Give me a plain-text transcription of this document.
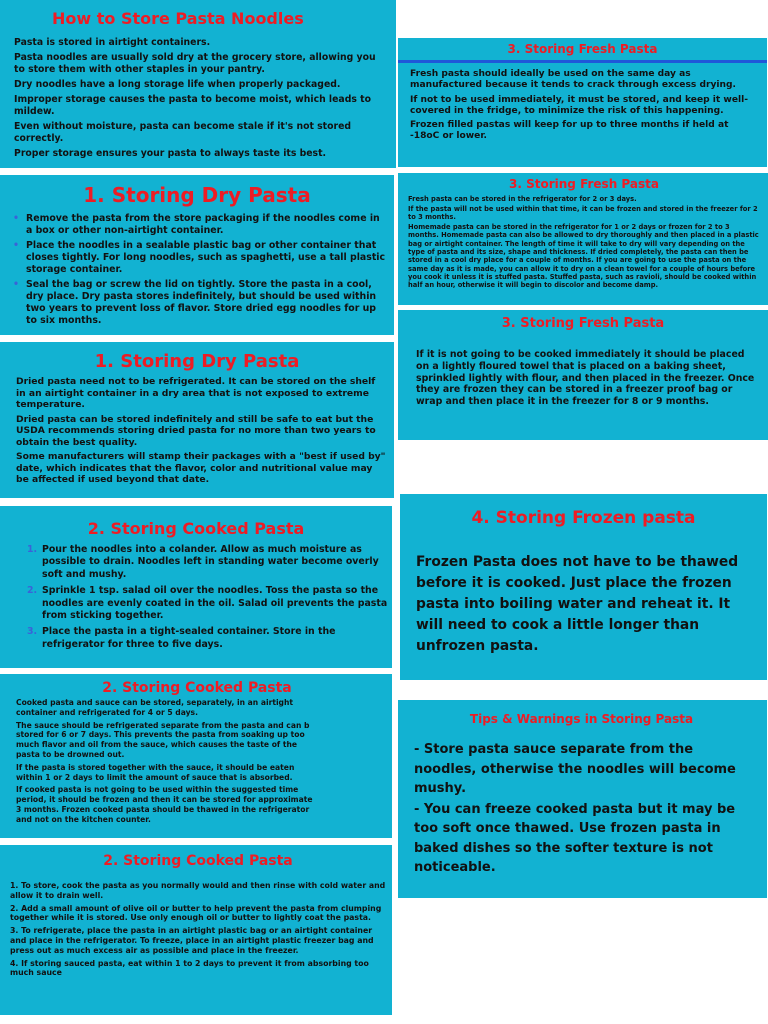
How to Store Pasta Noodles

Pasta is stored in airtight containers.

Pasta noodles are usually sold dry at the grocery store, allowing you to store them with other staples in your pantry.

Dry noodles have a long storage life when properly packaged.

Improper storage causes the pasta to become moist, which leads to mildew.

Even without moisture, pasta can become stale if it's not stored correctly.

Proper storage ensures your pasta to always taste its best.

1. Storing Dry Pasta
• Remove the pasta from the store packaging if the noodles come in a box or other non-airtight container.
• Place the noodles in a sealable plastic bag or other container that closes tightly. For long noodles, such as spaghetti, use a tall plastic storage container.
• Seal the bag or screw the lid on tightly. Store the pasta in a cool, dry place. Dry pasta stores indefinitely, but should be used within two years to prevent loss of flavor. Store dried egg noodles for up to six months.
1. Storing Dry Pasta

Dried pasta need not to be refrigerated. It can be stored on the shelf in an airtight container in a dry area that is not exposed to extreme temperature.

Dried pasta can be stored indefinitely and still be safe to eat but the USDA recommends storing dried pasta for no more than two years to obtain the best quality.

Some manufacturers will stamp their packages with a "best if used by" date, which indicates that the flavor, color and nutritional value may be affected if used beyond that date.

2. Storing Cooked Pasta
1. Pour the noodles into a colander. Allow as much moisture as possible to drain. Noodles left in standing water become overly soft and mushy.
2. Sprinkle 1 tsp. salad oil over the noodles. Toss the pasta so the noodles are evenly coated in the oil. Salad oil prevents the pasta from sticking together.
3. Place the pasta in a tight-sealed container. Store in the refrigerator for three to five days.
2. Storing Cooked Pasta

Cooked pasta and sauce can be stored, separately, in an airtight
container and refrigerated for 4 or 5 days.

The sauce should be refrigerated separate from the pasta and can b
stored for 6 or 7 days. This prevents the pasta from soaking up too
much flavor and oil from the sauce, which causes the taste of the
pasta to be drowned out.

If the pasta is stored together with the sauce, it should be eaten
within 1 or 2 days to limit the amount of sauce that is absorbed.

If cooked pasta is not going to be used within the suggested time
period, it should be frozen and then it can be stored for approximate
3 months. Frozen cooked pasta should be thawed in the refrigerator
and not on the kitchen counter.

2. Storing Cooked Pasta

1. To store, cook the pasta as you normally would and then rinse with cold water and allow it to drain well.

2. Add a small amount of olive oil or butter to help prevent the pasta from clumping together while it is stored. Use only enough oil or butter to lightly coat the pasta.

3. To refrigerate, place the pasta in an airtight plastic bag or an airtight container and place in the refrigerator. To freeze, place in an airtight plastic freezer bag and press out as much excess air as possible and place in the freezer.

4. If storing sauced pasta, eat within 1 to 2 days to prevent it from absorbing too much sauce

3. Storing Fresh Pasta

Fresh pasta should ideally be used on the same day as manufactured because it tends to crack through excess drying.

If not to be used immediately, it must be stored, and keep it well-covered in the fridge, to minimize the risk of this happening.

Frozen filled pastas will keep for up to three months if held at -18oC or lower.

3. Storing Fresh Pasta

Fresh pasta can be stored in the refrigerator for 2 or 3 days.

If the pasta will not be used within that time, it can be frozen and stored in the freezer for 2 to 3 months.

Homemade pasta can be stored in the refrigerator for 1 or 2 days or frozen for 2 to 3 months. Homemade pasta can also be allowed to dry thoroughly and then placed in a plastic bag or airtight container. The length of time it will take to dry will vary depending on the type of pasta and its size, shape and thickness. If dried completely, the pasta can then be stored in a cool dry place for a couple of months. If you are going to use the pasta on the same day as it is made, you can allow it to dry on a clean towel for a couple of hours before you cook it unless it is stuffed pasta. Stuffed pasta, such as ravioli, should be cooked within half an hour, otherwise it will begin to discolor and become damp.

3. Storing Fresh Pasta

If it is not going to be cooked immediately it should be placed on a lightly floured towel that is placed on a baking sheet, sprinkled lightly with flour, and then placed in the freezer. Once they are frozen they can be stored in a freezer proof bag or wrap and then place it in the freezer for 8 or 9 months.

4. Storing Frozen pasta

Frozen Pasta does not have to be thawed before it is cooked. Just place the frozen pasta into boiling water and reheat it. It will need to cook a little longer than unfrozen pasta.

Tips & Warnings in Storing Pasta

- Store pasta sauce separate from the noodles, otherwise the noodles will become mushy.

- You can freeze cooked pasta but it may be too soft once thawed. Use frozen pasta in baked dishes so the softer texture is not noticeable.
